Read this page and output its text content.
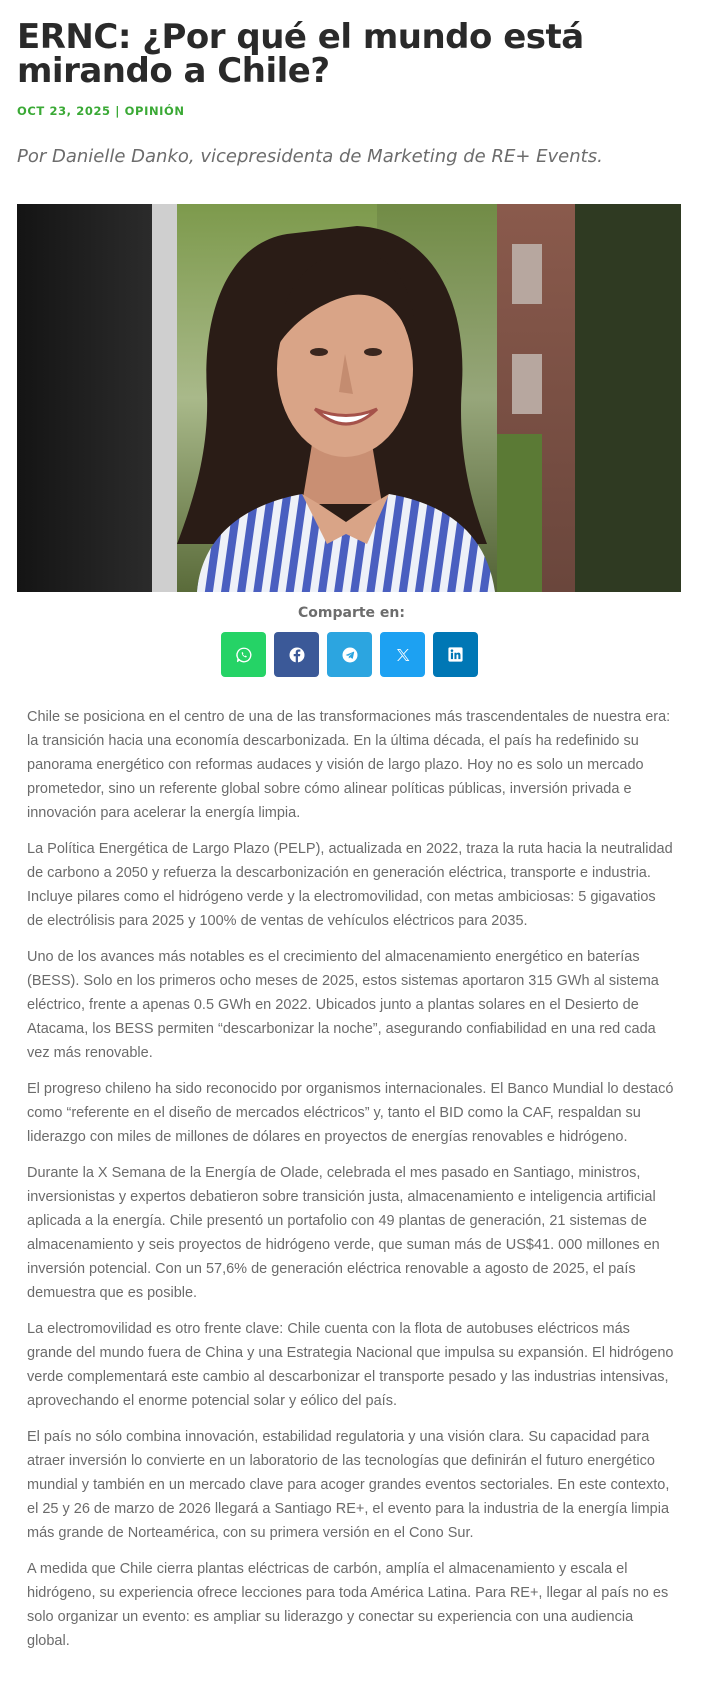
ERNC: ¿Por qué el mundo está mirando a Chile?
OCT 23, 2025 | OPINIÓN

Por Danielle Danko, vicepresidenta de Marketing de RE+ Events.

Comparte en:

Chile se posiciona en el centro de una de las transformaciones más trascendentales de nuestra era: la transición hacia una economía descarbonizada. En la última década, el país ha redefinido su panorama energético con reformas audaces y visión de largo plazo. Hoy no es solo un mercado prometedor, sino un referente global sobre cómo alinear políticas públicas, inversión privada e innovación para acelerar la energía limpia.

La Política Energética de Largo Plazo (PELP), actualizada en 2022, traza la ruta hacia la neutralidad de carbono a 2050 y refuerza la descarbonización en generación eléctrica, transporte e industria. Incluye pilares como el hidrógeno verde y la electromovilidad, con metas ambiciosas: 5 gigavatios de electrólisis para 2025 y 100% de ventas de vehículos eléctricos para 2035.

Uno de los avances más notables es el crecimiento del almacenamiento energético en baterías (BESS). Solo en los primeros ocho meses de 2025, estos sistemas aportaron 315 GWh al sistema eléctrico, frente a apenas 0.5 GWh en 2022. Ubicados junto a plantas solares en el Desierto de Atacama, los BESS permiten “descarbonizar la noche”, asegurando confiabilidad en una red cada vez más renovable.

El progreso chileno ha sido reconocido por organismos internacionales. El Banco Mundial lo destacó como “referente en el diseño de mercados eléctricos” y, tanto el BID como la CAF, respaldan su liderazgo con miles de millones de dólares en proyectos de energías renovables e hidrógeno.

Durante la X Semana de la Energía de Olade, celebrada el mes pasado en Santiago, ministros, inversionistas y expertos debatieron sobre transición justa, almacenamiento e inteligencia artificial aplicada a la energía. Chile presentó un portafolio con 49 plantas de generación, 21 sistemas de almacenamiento y seis proyectos de hidrógeno verde, que suman más de US$41. 000 millones en inversión potencial. Con un 57,6% de generación eléctrica renovable a agosto de 2025, el país demuestra que es posible.

La electromovilidad es otro frente clave: Chile cuenta con la flota de autobuses eléctricos más grande del mundo fuera de China y una Estrategia Nacional que impulsa su expansión. El hidrógeno verde complementará este cambio al descarbonizar el transporte pesado y las industrias intensivas, aprovechando el enorme potencial solar y eólico del país.

El país no sólo combina innovación, estabilidad regulatoria y una visión clara. Su capacidad para atraer inversión lo convierte en un laboratorio de las tecnologías que definirán el futuro energético mundial y también en un mercado clave para acoger grandes eventos sectoriales. En este contexto, el 25 y 26 de marzo de 2026 llegará a Santiago RE+, el evento para la industria de la energía limpia más grande de Norteamérica, con su primera versión en el Cono Sur.

A medida que Chile cierra plantas eléctricas de carbón, amplía el almacenamiento y escala el hidrógeno, su experiencia ofrece lecciones para toda América Latina. Para RE+, llegar al país no es solo organizar un evento: es ampliar su liderazgo y conectar su experiencia con una audiencia global.
